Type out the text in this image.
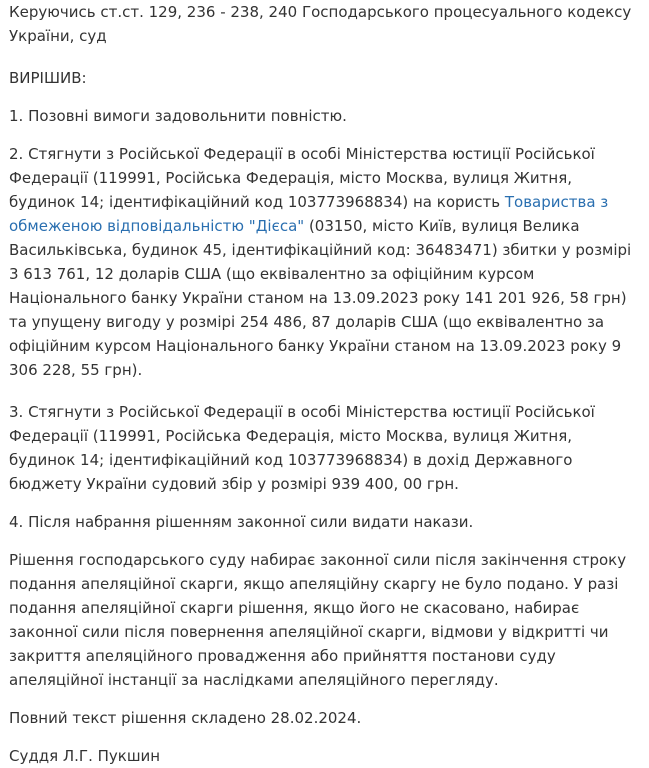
Керуючись ст.ст. 129, 236 - 238, 240 Господарського процесуального кодексу України, суд

ВИРІШИВ:

1. Позовні вимоги задовольнити повністю.

2. Стягнути з Російської Федерації в особі Міністерства юстиції Російської Федерації (119991, Російська Федерація, місто Москва, вулиця Житня, будинок 14; ідентифікаційний код 103773968834) на користь Товариства з обмеженою відповідальністю "Дієса" (03150, місто Київ, вулиця Велика Васильківська, будинок 45, ідентифікаційний код: 36483471) збитки у розмірі 3 613 761, 12 доларів США (що еквівалентно за офіційним курсом Національного банку України станом на 13.09.2023 року 141 201 926, 58 грн) та упущену вигоду у розмірі 254 486, 87 доларів США (що еквівалентно за офіційним курсом Національного банку України станом на 13.09.2023 року 9 306 228, 55 грн).

3. Стягнути з Російської Федерації в особі Міністерства юстиції Російської Федерації (119991, Російська Федерація, місто Москва, вулиця Житня, будинок 14; ідентифікаційний код 103773968834) в дохід Державного бюджету України судовий збір у розмірі 939 400, 00 грн.

4. Після набрання рішенням законної сили видати накази.

Рішення господарського суду набирає законної сили після закінчення строку подання апеляційної скарги, якщо апеляційну скаргу не було подано. У разі подання апеляційної скарги рішення, якщо його не скасовано, набирає законної сили після повернення апеляційної скарги, відмови у відкритті чи закриття апеляційного провадження або прийняття постанови суду апеляційної інстанції за наслідками апеляційного перегляду.

Повний текст рішення складено 28.02.2024.

Суддя Л.Г. Пукшин
